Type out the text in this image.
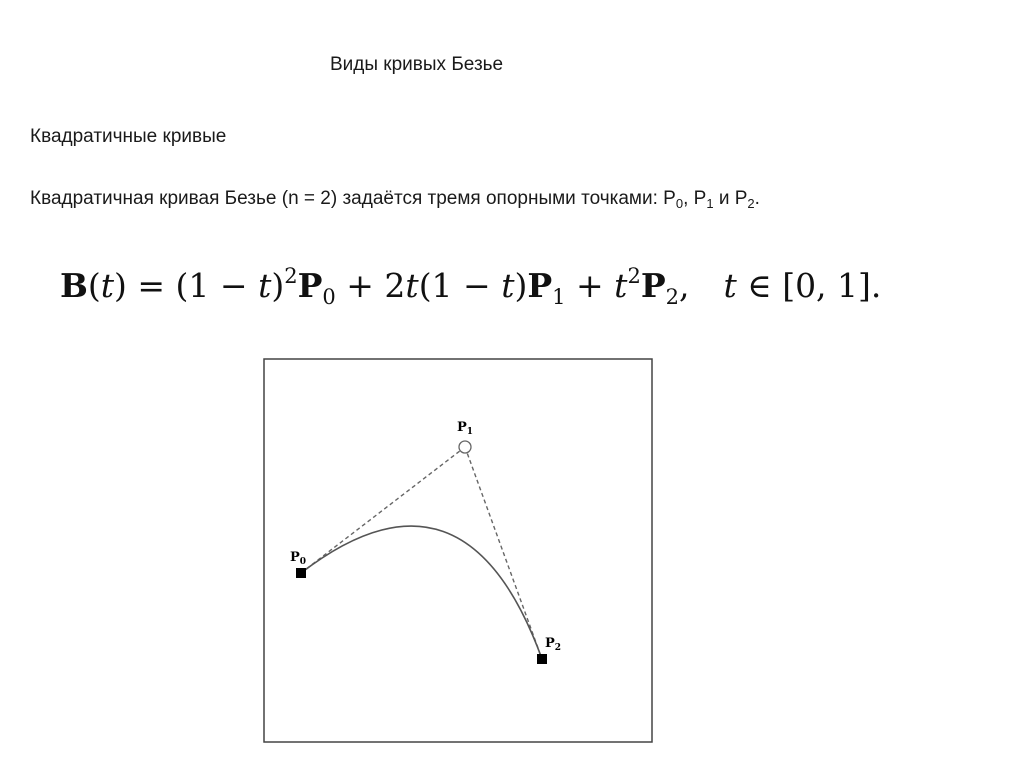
Виды кривых Безье
Квадратичные кривые
Квадратичная кривая Безье (n = 2) задаётся тремя опорными точками: $P_0$, $P_1$ и $P_2$.
$B(t) = (1 - t)^2P_0 + 2t(1 - t)P_1 + t^2P_2$, t ∈ [0, 1].
$P_0$
$P_1$
$P_2$
